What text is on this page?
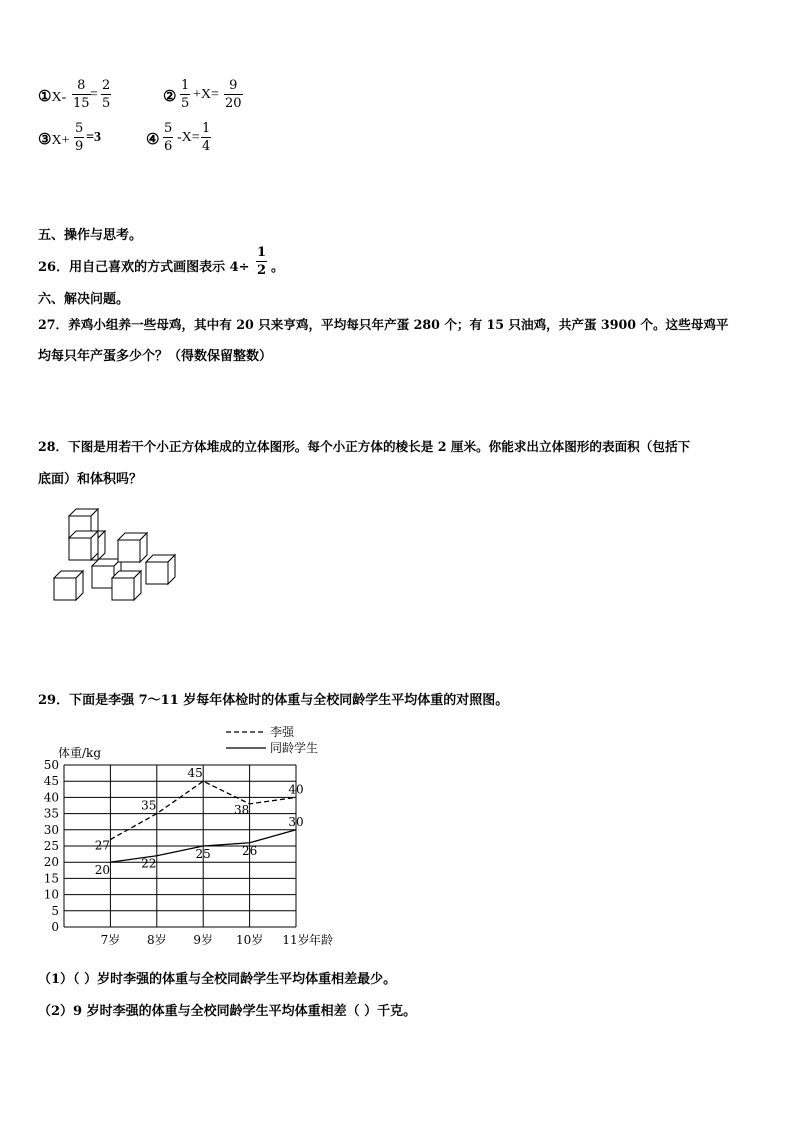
①X-
8
15
=
2
5	②
1
5
+X=
9
20
③X+
5
9
=3	④
5
6
-X=
1
4
五、操作与思考。
26．用自己喜欢的方式画图表示 4÷
1
2 。
六、解决问题。
27．养鸡小组养一些母鸡，其中有 20 只来亨鸡，平均每只年产蛋 280 个；有 15 只油鸡，共产蛋 3900 个。这些母鸡平
均每只年产蛋多少个？（得数保留整数）
28．下图是用若干个小正方体堆成的立体图形。每个小正方体的棱长是 2 厘米。你能求出立体图形的表面积（包括下
底面）和体积吗？
29．下面是李强 7～11 岁每年体检时的体重与全校同龄学生平均体重的对照图。
0
5
10
15
20
25
30
35
40
45
50
7岁 8岁 9岁 10岁 11岁
体重/kg
年龄
27
35
45
38
40
20	22
25	26
30
李强
同龄学生
（1）（ ）岁时李强的体重与全校同龄学生平均体重相差最少。
（2）9 岁时李强的体重与全校同龄学生平均体重相差（ ）千克。
